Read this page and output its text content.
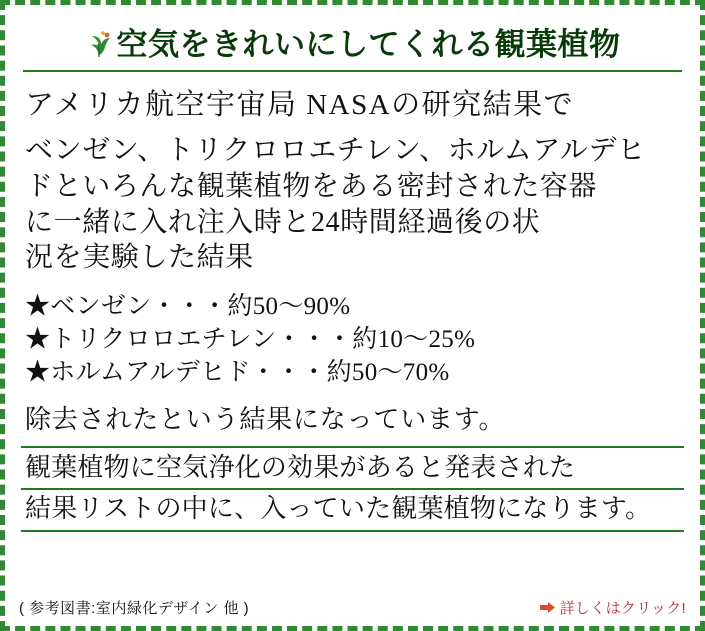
空気をきれいにしてくれる観葉植物
アメリカ航空宇宙局 NASAの研究結果で
ベンゼン、トリクロロエチレン、ホルムアルデヒ
ドといろんな観葉植物をある密封された容器
に一緒に入れ注入時と24時間経過後の状
況を実験した結果
★ベンゼン・・・約50〜90%
★トリクロロエチレン・・・約10〜25%
★ホルムアルデヒド・・・約50〜70%
除去されたという結果になっています。
観葉植物に空気浄化の効果があると発表された
結果リストの中に、入っていた観葉植物になります。
( 参考図書:室内緑化デザイン 他 )	詳しくはクリック!
